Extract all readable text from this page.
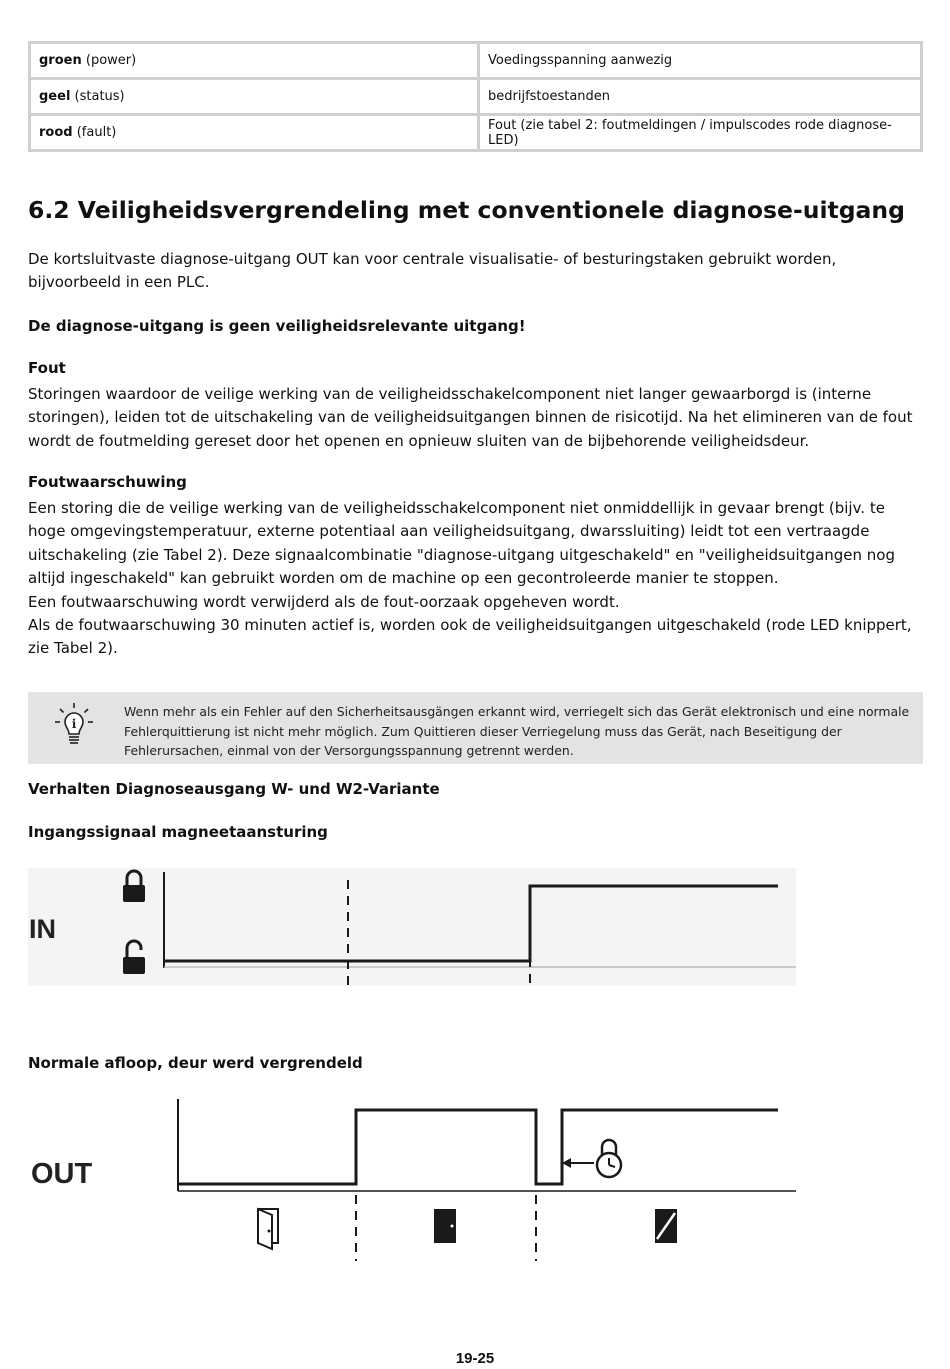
groen (power)	Voedingsspanning aanwezig
geel (status)	bedrijfstoestanden
rood (fault)	Fout (zie tabel 2: foutmeldingen / impulscodes rode diagnose-LED)
6.2 Veiligheidsvergrendeling met conventionele diagnose-uitgang

De kortsluitvaste diagnose-uitgang OUT kan voor centrale visualisatie- of besturingstaken gebruikt worden, bijvoorbeeld in een PLC.

De diagnose-uitgang is geen veiligheidsrelevante uitgang!

Fout

Storingen waardoor de veilige werking van de veiligheidsschakelcomponent niet langer gewaarborgd is (interne storingen), leiden tot de uitschakeling van de veiligheidsuitgangen binnen de risicotijd. Na het elimineren van de fout wordt de foutmelding gereset door het openen en opnieuw sluiten van de bijbehorende veiligheidsdeur.

Foutwaarschuwing

Een storing die de veilige werking van de veiligheidsschakelcomponent niet onmiddellijk in gevaar brengt (bijv. te hoge omgevingstemperatuur, externe potentiaal aan veiligheidsuitgang, dwarssluiting) leidt tot een vertraagde uitschakeling (zie Tabel 2). Deze signaalcombinatie "diagnose-uitgang uitgeschakeld" en "veiligheidsuitgangen nog altijd ingeschakeld" kan gebruikt worden om de machine op een gecontroleerde manier te stoppen.

Een foutwaarschuwing wordt verwijderd als de fout-oorzaak opgeheven wordt.

Als de foutwaarschuwing 30 minuten actief is, worden ook de veiligheidsuitgangen uitgeschakeld (rode LED knippert, zie Tabel 2).

i
Wenn mehr als ein Fehler auf den Sicherheitsausgängen erkannt wird, verriegelt sich das Gerät elektronisch und eine normale Fehlerquittierung ist nicht mehr möglich. Zum Quittieren dieser Verriegelung muss das Gerät, nach Beseitigung der Fehlerursachen, einmal von der Versorgungsspannung getrennt werden.

Verhalten Diagnoseausgang W- und W2-Variante

Ingangssignaal magneetaansturing

IN

Normale afloop, deur werd vergrendeld

OUT
19-25
